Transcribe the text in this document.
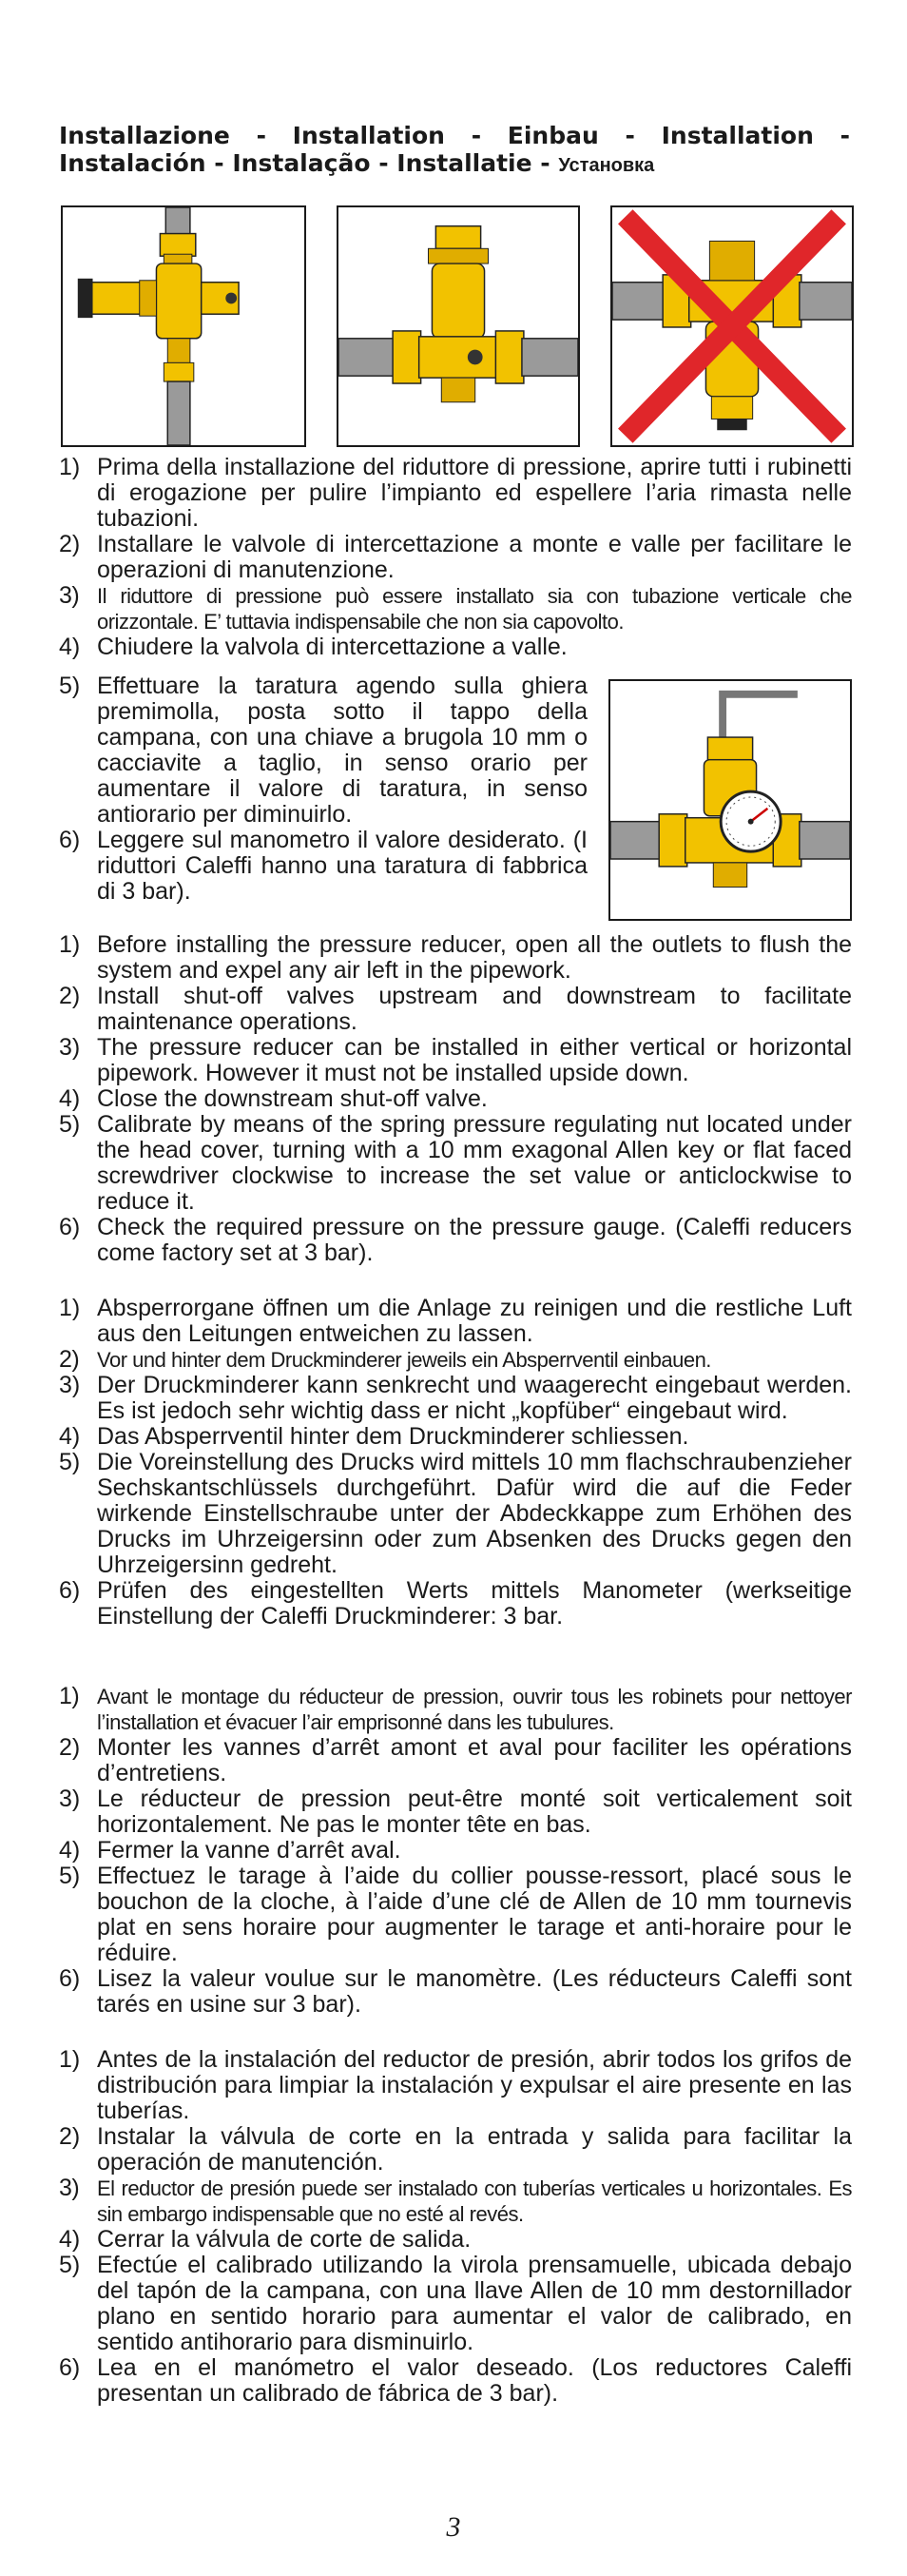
Installazione - Installation - Einbau - Installation -
Instalación - Instalação - Installatie - Установка
1) Prima della installazione del riduttore di pressione, aprire tutti i rubinetti di erogazione per pulire l’impianto ed espellere l’aria rimasta nelle tubazioni.
2) Installare le valvole di intercettazione a monte e valle per facilitare le operazioni di manutenzione.
3) Il riduttore di pressione può essere installato sia con tubazione verticale che orizzontale. E’ tuttavia indispensabile che non sia capovolto.
4) Chiudere la valvola di intercettazione a valle.
5) Effettuare la taratura agendo sulla ghiera premimolla, posta sotto il tappo della campana, con una chiave a brugola 10 mm o cacciavite a taglio, in senso orario per aumentare il valore di taratura, in senso antiorario per diminuirlo.
6) Leggere sul manometro il valore desiderato. (I riduttori Caleffi hanno una taratura di fabbrica di 3 bar).
1) Before installing the pressure reducer, open all the outlets to flush the system and expel any air left in the pipework.
2) Install shut-off valves upstream and downstream to facilitate maintenance operations.
3) The pressure reducer can be installed in either vertical or horizontal pipework. However it must not be installed upside down.
4) Close the downstream shut-off valve.
5) Calibrate by means of the spring pressure regulating nut located under the head cover, turning with a 10 mm exagonal Allen key or flat faced screwdriver clockwise to increase the set value or anticlockwise to reduce it.
6) Check the required pressure on the pressure gauge. (Caleffi reducers come factory set at 3 bar).
1) Absperrorgane öffnen um die Anlage zu reinigen und die restliche Luft aus den Leitungen entweichen zu lassen.
2) Vor und hinter dem Druckminderer jeweils ein Absperrventil einbauen.
3) Der Druckminderer kann senkrecht und waagerecht eingebaut werden. Es ist jedoch sehr wichtig dass er nicht „kopfüber“ eingebaut wird.
4) Das Absperrventil hinter dem Druckminderer schliessen.
5) Die Voreinstellung des Drucks wird mittels 10 mm flachschraubenzieher Sechskantschlüssels durchgeführt. Dafür wird die auf die Feder wirkende Einstellschraube unter der Abdeckkappe zum Erhöhen des Drucks im Uhrzeigersinn oder zum Absenken des Drucks gegen den Uhrzeigersinn gedreht.
6) Prüfen des eingestellten Werts mittels Manometer (werkseitige Einstellung der Caleffi Druckminderer: 3 bar.
1) Avant le montage du réducteur de pression, ouvrir tous les robinets pour nettoyer l’installation et évacuer l’air emprisonné dans les tubulures.
2) Monter les vannes d’arrêt amont et aval pour faciliter les opérations d’entretiens.
3) Le réducteur de pression peut-être monté soit verticalement soit horizontalement. Ne pas le monter tête en bas.
4) Fermer la vanne d’arrêt aval.
5) Effectuez le tarage à l’aide du collier pousse-ressort, placé sous le bouchon de la cloche, à l’aide d’une clé de Allen de 10 mm tournevis plat en sens horaire pour augmenter le tarage et anti-horaire pour le réduire.
6) Lisez la valeur voulue sur le manomètre. (Les réducteurs Caleffi sont tarés en usine sur 3 bar).
1) Antes de la instalación del reductor de presión, abrir todos los grifos de distribución para limpiar la instalación y expulsar el aire presente en las tuberías.
2) Instalar la válvula de corte en la entrada y salida para facilitar la operación de manutención.
3) El reductor de presión puede ser instalado con tuberías verticales u horizontales. Es sin embargo indispensable que no esté al revés.
4) Cerrar la válvula de corte de salida.
5) Efectúe el calibrado utilizando la virola prensamuelle, ubicada debajo del tapón de la campana, con una llave Allen de 10 mm destornillador plano en sentido horario para aumentar el valor de calibrado, en sentido antihorario para disminuirlo.
6) Lea en el manómetro el valor deseado. (Los reductores Caleffi presentan un calibrado de fábrica de 3 bar).
3
